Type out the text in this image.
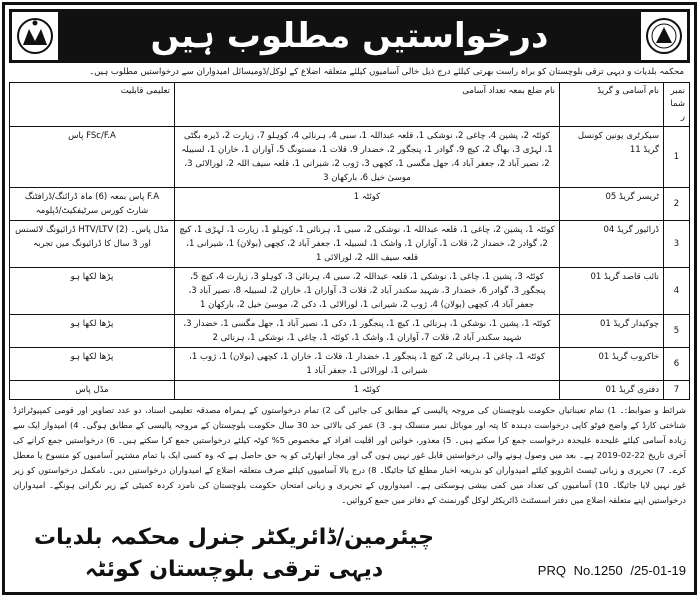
درخواستیں مطلوب ہیں
محکمہ بلدیات و دیہی ترقی بلوچستان کو براہ راست بھرتی کیلئے درج ذیل خالی آسامیوں کیلئے متعلقہ اضلاع کے لوکل/ڈومیسائل امیدواران سے درخواستیں مطلوب ہیں۔
نمبر شمار	نام آسامی و گریڈ	نام ضلع بمعہ تعداد آسامی	تعلیمی قابلیت
1	سیکرٹری یونین کونسل گریڈ 11	کوئٹہ 2، پشین 4، چاغی 2، نوشکی 1، قلعہ عبداللہ 1، سبی 4، ہرنائی 4، کوہلو 7، زیارت 2، ڈیرہ بگٹی 1، لہڑی 3، بھاگ 2، کیچ 9، گوادر 1، پنجگور 2، خضدار 9، قلات 1، مستونگ 5، آواران 1، خاران 1، لسبیلہ 2، نصیر آباد 2، جعفر آباد 4، جھل مگسی 1، کچھی 3، ژوب 2، شیرانی 1، قلعہ سیف اللہ 2، لورالائی 3، موسیٰ خیل 6، بارکھان 3	FSc/F.A پاس
2	ٹریسر گریڈ 05	کوئٹہ 1	F.A پاس بمعہ (6) ماہ ڈرائنگ/ڈرافٹنگ شارٹ کورس سرٹیفکیٹ/ڈپلومہ
3	ڈرائیور گریڈ 04	کوئٹہ 1، پشین 2، چاغی 1، قلعہ عبداللہ 1، نوشکی 2، سبی 1، ہرنائی 1، کوہلو 1، زیارت 1، لہڑی 1، کیچ 2، گوادر 2، خضدار 2، قلات 1، آواران 1، واشک 1، لسبیلہ 1، جعفر آباد 2، کچھی (بولان) 1، شیرانی 1، قلعہ سیف اللہ 2، لورالائی 1	مڈل پاس۔ HTV/LTV (2) ڈرائیونگ لائسنس اور 3 سال کا ڈرائیونگ میں تجربہ
4	نائب قاصد گریڈ 01	کوئٹہ 3، پشین 1، چاغی 1، نوشکی 1، قلعہ عبداللہ 2، سبی 4، ہرنائی 3، کوہلو 3، زیارت 4، کیچ 5، پنجگور 3، گوادر 6، خضدار 3، شہید سکندر آباد 2، قلات 3، آواران 1، خاران 2، لسبیلہ 8، نصیر آباد 3، جعفر آباد 4، کچھی (بولان) 4، ژوب 2، شیرانی 1، لورالائی 1، دکی 2، موسیٰ خیل 2، بارکھان 1	پڑھا لکھا ہو
5	چوکیدار گریڈ 01	کوئٹہ 1، پشین 1، نوشکی 1، ہرنائی 1، کیچ 1، پنجگور 1، دکی 1، نصیر آباد 1، جھل مگسی 1، خضدار 3، شہید سکندر آباد 2، قلات 7، آواران 1، واشک 1، کوئٹہ 1، چاغی 1، نوشکی 1، ہرنائی 2	پڑھا لکھا ہو
6	خاکروب گریڈ 01	کوئٹہ 1، چاغی 1، ہرنائی 2، کیچ 1، پنجگور 1، خضدار 1، قلات 1، خاران 1، کچھی (بولان) 1، ژوب 1، شیرانی 1، لورالائی 1، جعفر آباد 1	پڑھا لکھا ہو
7	دفتری گریڈ 01	کوئٹہ 1	مڈل پاس
شرائط و ضوابط:۔ 1) تمام تعیناتیاں حکومت بلوچستان کی مروجہ پالیسی کے مطابق کی جائیں گی 2) تمام درخواستوں کے ہمراہ مصدقہ تعلیمی اسناد، دو عدد تصاویر اور قومی کمپیوٹرائزڈ شناختی کارڈ کے واضح فوٹو کاپی درخواست دہندہ کا پتہ اور موبائل نمبر منسلک ہو۔ 3) عمر کی بالائی حد 30 سال حکومت بلوچستان کے مروجہ پالیسی کے مطابق ہوگی۔ 4) امیدوار ایک سے زیادہ آسامی کیلئے علیحدہ علیحدہ درخواست جمع کرا سکتے ہیں۔ 5) معذور، خواتین اور اقلیت افراد کے مخصوص 5% کوٹہ کیلئے درخواستیں جمع کرا سکتے ہیں۔ 6) درخواستیں جمع کرانے کی آخری تاریخ 22-02-2019 ہے۔ بعد میں وصول ہونے والی درخواستیں قابل غور نہیں ہوں گی اور مجاز اتھارٹی کو یہ حق حاصل ہے کہ وہ کسی ایک یا تمام مشتہر آسامیوں کو منسوخ یا معطل کرے۔ 7) تحریری و زبانی ٹیسٹ انٹرویو کیلئے امیدواران کو بذریعہ اخبار مطلع کیا جائیگا۔ 8) درج بالا آسامیوں کیلئے صرف متعلقہ اضلاع کے امیدواران درخواستیں دیں۔ نامکمل درخواستوں کو زیر غور نہیں لایا جائیگا۔ 10) آسامیوں کی تعداد میں کمی بیشی ہوسکتی ہے۔ امیدواروں کے تحریری و زبانی امتحان حکومت بلوچستان کی نامزد کردہ کمیٹی کے زیر نگرانی ہونگے۔ امیدواران درخواستیں اپنے متعلقہ اضلاع میں دفتر اسسٹنٹ ڈائریکٹر لوکل گورنمنٹ کے دفاتر میں جمع کروائیں۔
چیئرمین/ڈائریکٹر جنرل محکمہ بلدیات
دیہی ترقی بلوچستان کوئٹہ	PRQ No.1250 /25-01-19
